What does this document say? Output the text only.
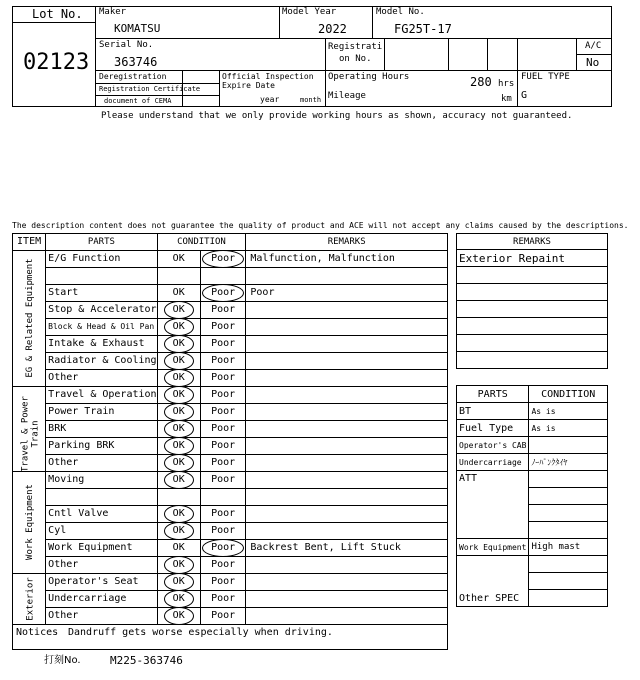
Lot No.
02123
Maker
KOMATSU
Model Year
2022
Model No.
FG25T-17
Serial No.
363746
Registrati
on No.
A/C
No
Deregistration
Registration Certificate
document of CEMA
Official Inspection
Expire Date
year	month
Operating Hours	280 hrs
Mileage	km
FUEL TYPE
G
Please understand that we only provide working hours as shown, accuracy not guaranteed.
The description content does not guarantee the quality of product and ACE will not accept any claims caused by the descriptions.
ITEM	PARTS	CONDITION		REMARKS

EG & Related Equipment	E/G Function	OK	Poor	Malfunction, Malfunction

	Start	OK	Poor	Poor
	Stop & Accelerator	OK	Poor	
	Block & Head & Oil Pan	OK	Poor	
	Intake & Exhaust	OK	Poor	
	Radiator & Cooling	OK	Poor	
	Other	OK	Poor	

Travel & Power Train	Travel & Operation	OK	Poor	
	Power Train	OK	Poor	
	BRK	OK	Poor	
	Parking BRK	OK	Poor	
	Other	OK	Poor	

Work Equipment	Moving	OK	Poor	

	Cntl Valve	OK	Poor	
	Cyl	OK	Poor	
	Work Equipment	OK	Poor	Backrest Bent, Lift Stuck
	Other	OK	Poor	

Exterior	Operator's Seat	OK	Poor	
	Undercarriage	OK	Poor	
	Other	OK	Poor	
REMARKS
Exterior Repaint

PARTS	CONDITION
BT	As is
Fuel Type	As is
Operator's CAB	
Undercarriage	ﾉｰﾊﾟﾝｸﾀｲﾔ
ATT	

Work Equipment	High mast
Other SPEC	

Notices Dandruff gets worse especially when driving.
打刻No.	M225-363746
